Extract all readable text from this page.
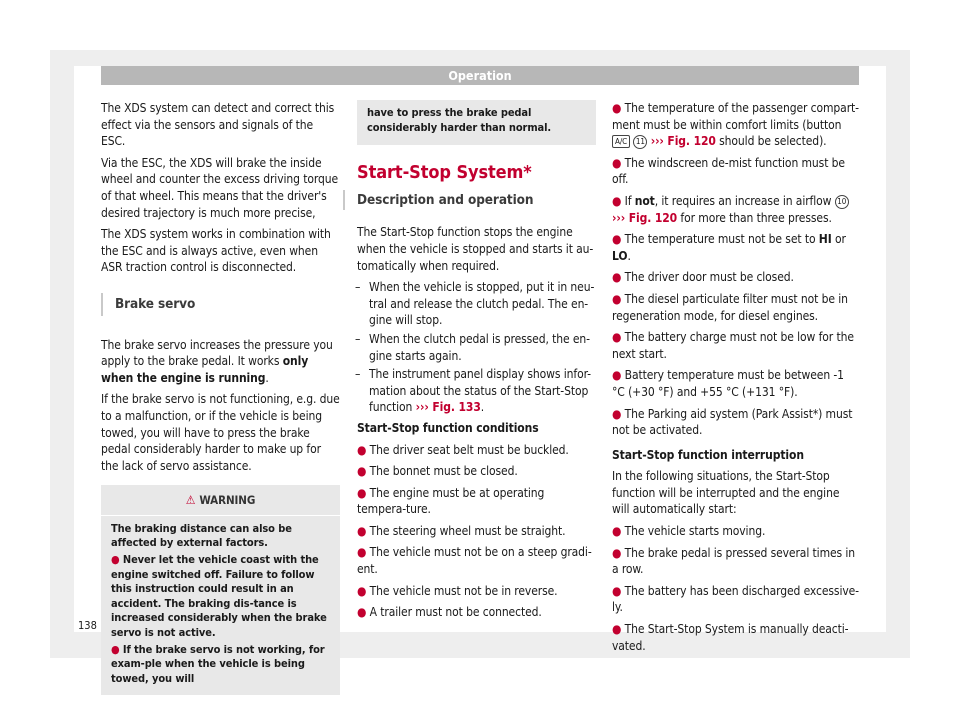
Operation

The XDS system can detect and correct this effect via the sensors and signals of the ESC.

Via the ESC, the XDS will brake the inside wheel and counter the excess driving torque of that wheel. This means that the driver's desired trajectory is much more precise,

The XDS system works in combination with the ESC and is always active, even when ASR traction control is disconnected.

Brake servo

The brake servo increases the pressure you apply to the brake pedal. It works only when the engine is running.

If the brake servo is not functioning, e.g. due to a malfunction, or if the vehicle is being towed, you will have to press the brake pedal considerably harder to make up for the lack of servo assistance.

⚠ WARNING

The braking distance can also be affected by external factors.

● Never let the vehicle coast with the engine switched off. Failure to follow this instruction could result in an accident. The braking dis-tance is increased considerably when the brake servo is not active.

● If the brake servo is not working, for exam-ple when the vehicle is being towed, you will

have to press the brake pedal considerably harder than normal.

Start-Stop System*
Description and operation

The Start-Stop function stops the engine when the vehicle is stopped and starts it au-tomatically when required.

– When the vehicle is stopped, put it in neu-tral and release the clutch pedal. The en-gine will stop.
– When the clutch pedal is pressed, the en-gine starts again.
– The instrument panel display shows infor-mation about the status of the Start-Stop function ››› Fig. 133.

Start-Stop function conditions

● The driver seat belt must be buckled.

● The bonnet must be closed.

● The engine must be at operating tempera-ture.

● The steering wheel must be straight.

● The vehicle must not be on a steep gradi-ent.

● The vehicle must not be in reverse.

● A trailer must not be connected.

● The temperature of the passenger compart-ment must be within comfort limits (button A/C 11 ››› Fig. 120 should be selected).

● The windscreen de-mist function must be off.

● If not, it requires an increase in airflow 10 ››› Fig. 120 for more than three presses.

● The temperature must not be set to HI or LO.

● The driver door must be closed.

● The diesel particulate filter must not be in regeneration mode, for diesel engines.

● The battery charge must not be low for the next start.

● Battery temperature must be between -1 °C (+30 °F) and +55 °C (+131 °F).

● The Parking aid system (Park Assist*) must not be activated.

Start-Stop function interruption

In the following situations, the Start-Stop function will be interrupted and the engine will automatically start:

● The vehicle starts moving.

● The brake pedal is pressed several times in a row.

● The battery has been discharged excessive-ly.

● The Start-Stop System is manually deacti-vated.

138
